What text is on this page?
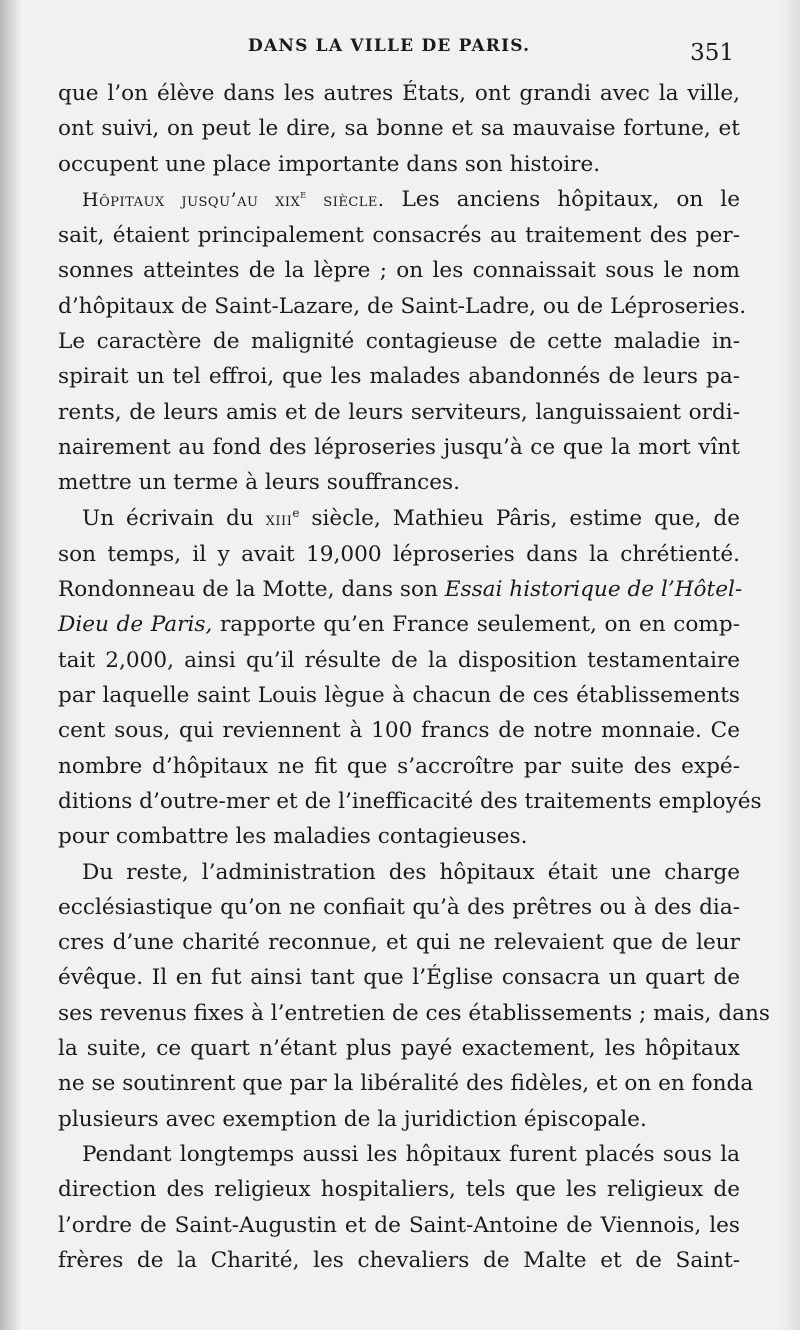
DANS LA VILLE DE PARIS.	351
que l’on élève dans les autres États, ont grandi avec la ville,
ont suivi, on peut le dire, sa bonne et sa mauvaise fortune, et
occupent une place importante dans son histoire.
Hôpitaux jusqu’au xix$^e$ siècle. Les anciens hôpitaux, on le
sait, étaient principalement consacrés au traitement des per-
sonnes atteintes de la lèpre ; on les connaissait sous le nom
d’hôpitaux de Saint-Lazare, de Saint-Ladre, ou de Léproseries.
Le caractère de malignité contagieuse de cette maladie in-
spirait un tel effroi, que les malades abandonnés de leurs pa-
rents, de leurs amis et de leurs serviteurs, languissaient ordi-
nairement au fond des léproseries jusqu’à ce que la mort vînt
mettre un terme à leurs souffrances.
Un écrivain du xiii$^e$ siècle, Mathieu Pâris, estime que, de
son temps, il y avait 19,000 léproseries dans la chrétienté.
Rondonneau de la Motte, dans son Essai historique de l’Hôtel-
Dieu de Paris, rapporte qu’en France seulement, on en comp-
tait 2,000, ainsi qu’il résulte de la disposition testamentaire
par laquelle saint Louis lègue à chacun de ces établissements
cent sous, qui reviennent à 100 francs de notre monnaie. Ce
nombre d’hôpitaux ne fit que s’accroître par suite des expé-
ditions d’outre-mer et de l’inefficacité des traitements employés
pour combattre les maladies contagieuses.
Du reste, l’administration des hôpitaux était une charge
ecclésiastique qu’on ne confiait qu’à des prêtres ou à des dia-
cres d’une charité reconnue, et qui ne relevaient que de leur
évêque. Il en fut ainsi tant que l’Église consacra un quart de
ses revenus fixes à l’entretien de ces établissements ; mais, dans
la suite, ce quart n’étant plus payé exactement, les hôpitaux
ne se soutinrent que par la libéralité des fidèles, et on en fonda
plusieurs avec exemption de la juridiction épiscopale.
Pendant longtemps aussi les hôpitaux furent placés sous la
direction des religieux hospitaliers, tels que les religieux de
l’ordre de Saint-Augustin et de Saint-Antoine de Viennois, les
frères de la Charité, les chevaliers de Malte et de Saint-
